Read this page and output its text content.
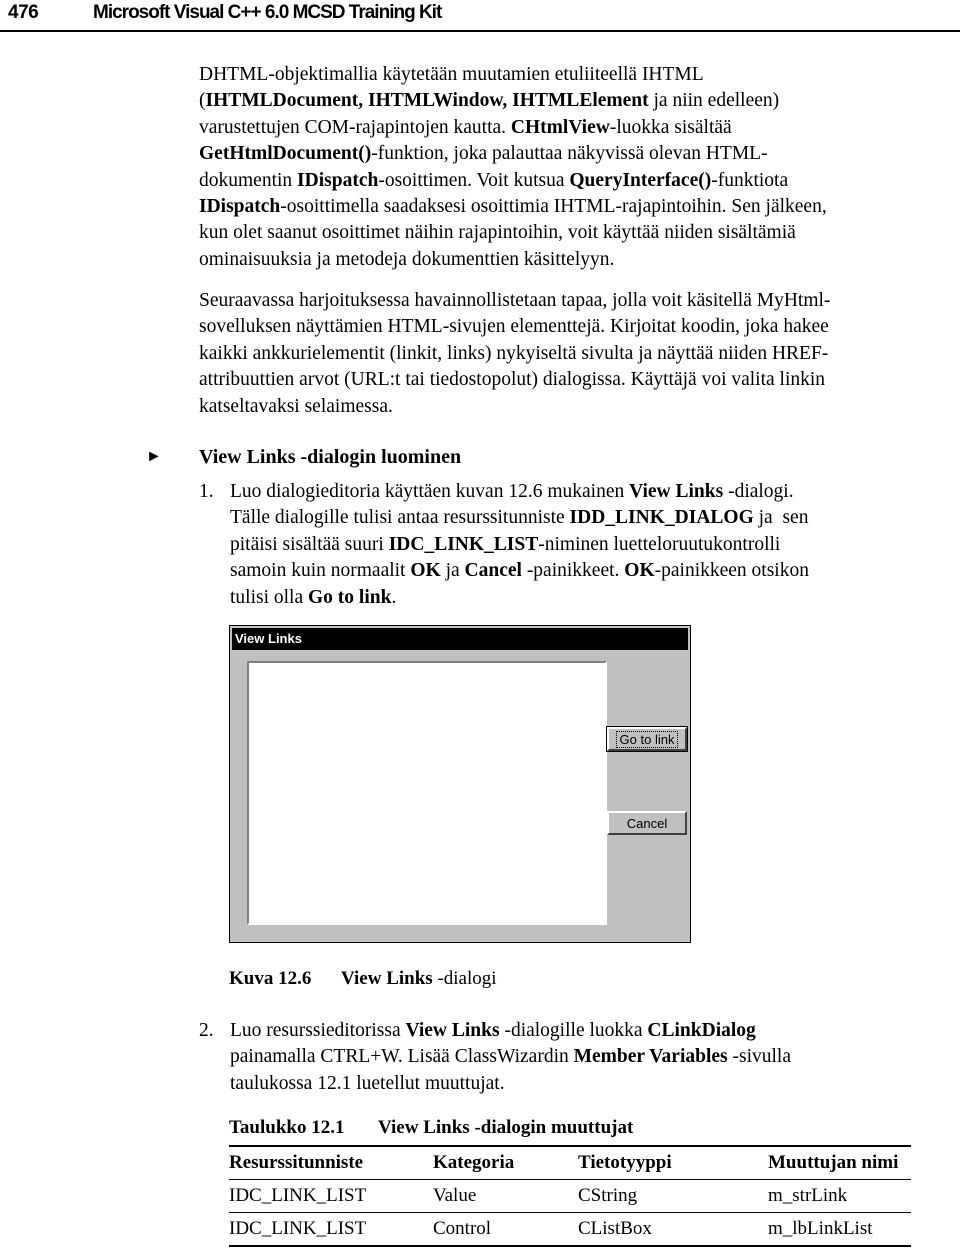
476	Microsoft Visual C++ 6.0 MCSD Training Kit
DHTML-objektimallia käytetään muutamien etuliiteellä IHTML
(IHTMLDocument, IHTMLWindow, IHTMLElement ja niin edelleen)
varustettujen COM-rajapintojen kautta. CHtmlView-luokka sisältää
GetHtmlDocument()-funktion, joka palauttaa näkyvissä olevan HTML-
dokumentin IDispatch-osoittimen. Voit kutsua QueryInterface()-funktiota
IDispatch-osoittimella saadaksesi osoittimia IHTML-rajapintoihin. Sen jälkeen,
kun olet saanut osoittimet näihin rajapintoihin, voit käyttää niiden sisältämiä
ominaisuuksia ja metodeja dokumenttien käsittelyyn.
Seuraavassa harjoituksessa havainnollistetaan tapaa, jolla voit käsitellä MyHtml-
sovelluksen näyttämien HTML-sivujen elementtejä. Kirjoitat koodin, joka hakee
kaikki ankkurielementit (linkit, links) nykyiseltä sivulta ja näyttää niiden HREF-
attribuuttien arvot (URL:t tai tiedostopolut) dialogissa. Käyttäjä voi valita linkin
katseltavaksi selaimessa.
► View Links -dialogin luominen
1. Luo dialogieditoria käyttäen kuvan 12.6 mukainen View Links -dialogi.
Tälle dialogille tulisi antaa resurssitunniste IDD_LINK_DIALOG ja  sen
pitäisi sisältää suuri IDC_LINK_LIST-niminen luetteloruutukontrolli
samoin kuin normaalit OK ja Cancel -painikkeet. OK-painikkeen otsikon
tulisi olla Go to link.
View Links
Go to link
Cancel
Kuva 12.6 View Links -dialogi
2. Luo resurssieditorissa View Links -dialogille luokka CLinkDialog
painamalla CTRL+W. Lisää ClassWizardin Member Variables -sivulla
taulukossa 12.1 luetellut muuttujat.
Taulukko 12.1 View Links -dialogin muuttujat
Resurssitunniste	Kategoria	Tietotyyppi	Muuttujan nimi
IDC_LINK_LIST	Value	CString	m_strLink
IDC_LINK_LIST	Control	CListBox	m_lbLinkList
